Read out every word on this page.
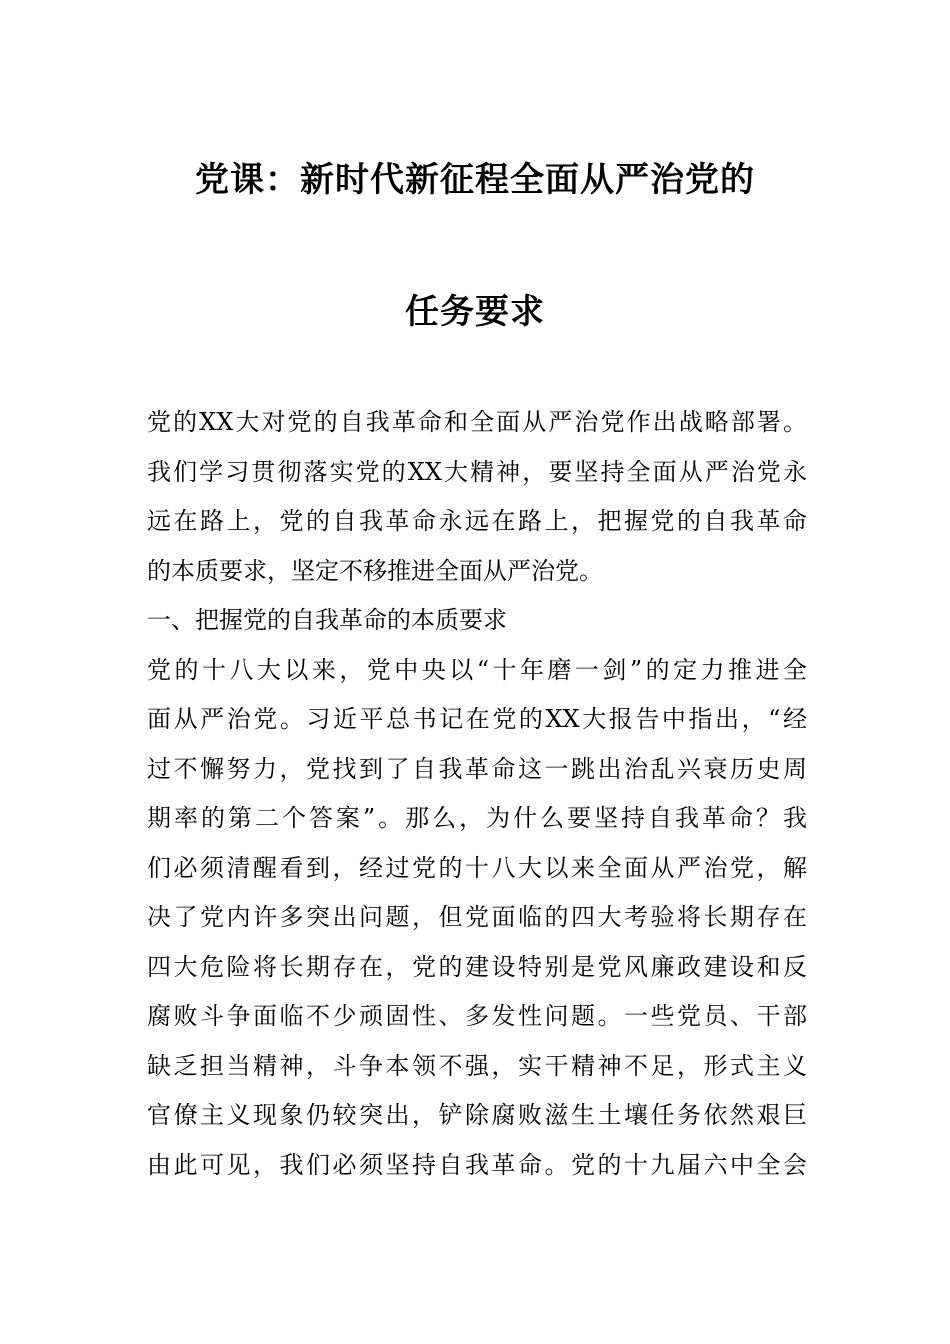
党课：新时代新征程全面从严治党的
任务要求
党的XX大对党的自我革命和全面从严治党作出战略部署。
我们学习贯彻落实党的XX大精神，要坚持全面从严治党永
远在路上，党的自我革命永远在路上，把握党的自我革命
的本质要求，坚定不移推进全面从严治党。
一、把握党的自我革命的本质要求
党的十八大以来，党中央以“十年磨一剑”的定力推进全
面从严治党。习近平总书记在党的XX大报告中指出，“经
过不懈努力，党找到了自我革命这一跳出治乱兴衰历史周
期率的第二个答案”。那么，为什么要坚持自我革命？我
们必须清醒看到，经过党的十八大以来全面从严治党，解
决了党内许多突出问题，但党面临的四大考验将长期存在
四大危险将长期存在，党的建设特别是党风廉政建设和反
腐败斗争面临不少顽固性、多发性问题。一些党员、干部
缺乏担当精神，斗争本领不强，实干精神不足，形式主义
官僚主义现象仍较突出，铲除腐败滋生土壤任务依然艰巨
由此可见，我们必须坚持自我革命。党的十九届六中全会
